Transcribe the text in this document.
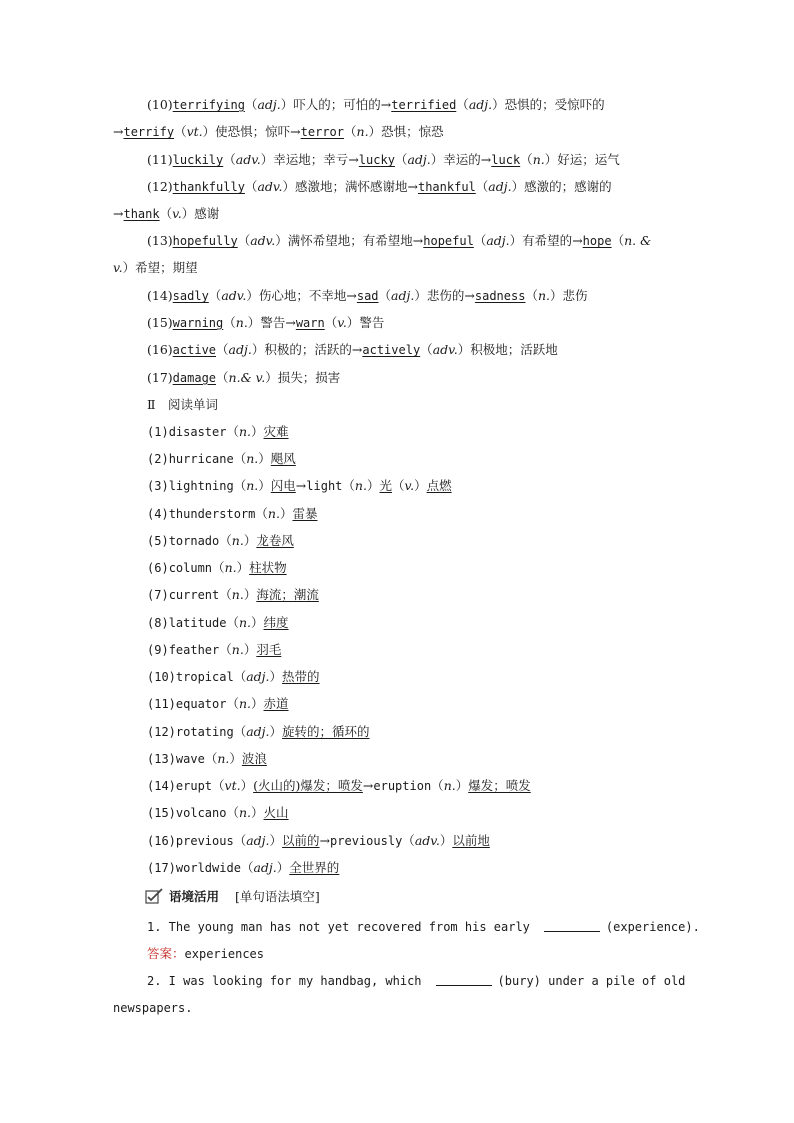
(10)terrifying（adj.）吓人的；可怕的→terrified（adj.）恐惧的；受惊吓的
→terrify（vt.）使恐惧；惊吓→terror（n.）恐惧；惊恐
(11)luckily（adv.）幸运地；幸亏→lucky（adj.）幸运的→luck（n.）好运；运气
(12)thankfully（adv.）感激地；满怀感谢地→thankful（adj.）感激的；感谢的
→thank（v.）感谢
(13)hopefully（adv.）满怀希望地；有希望地→hopeful（adj.）有希望的→hope（n. &
v.）希望；期望
(14)sadly（adv.）伤心地；不幸地→sad（adj.）悲伤的→sadness（n.）悲伤
(15)warning（n.）警告→warn（v.）警告
(16)active（adj.）积极的；活跃的→actively（adv.）积极地；活跃地
(17)damage（n.& v.）损失；损害
Ⅱ　阅读单词
(1)disaster（n.）灾难
(2)hurricane（n.）飓风
(3)lightning（n.）闪电→light（n.）光（v.）点燃
(4)thunderstorm（n.）雷暴
(5)tornado（n.）龙卷风
(6)column（n.）柱状物
(7)current（n.）海流；潮流
(8)latitude（n.）纬度
(9)feather（n.）羽毛
(10)tropical（adj.）热带的
(11)equator（n.）赤道
(12)rotating（adj.）旋转的；循环的
(13)wave（n.）波浪
(14)erupt（vt.）(火山的)爆发；喷发→eruption（n.）爆发；喷发
(15)volcano（n.）火山
(16)previous（adj.）以前的→previously（adv.）以前地
(17)worldwide（adj.）全世界的
语境活用 [单句语法填空]
1. The young man has not yet recovered from his early	(experience).
答案：experiences
2. I was looking for my handbag, which	(bury) under a pile of old
newspapers.
